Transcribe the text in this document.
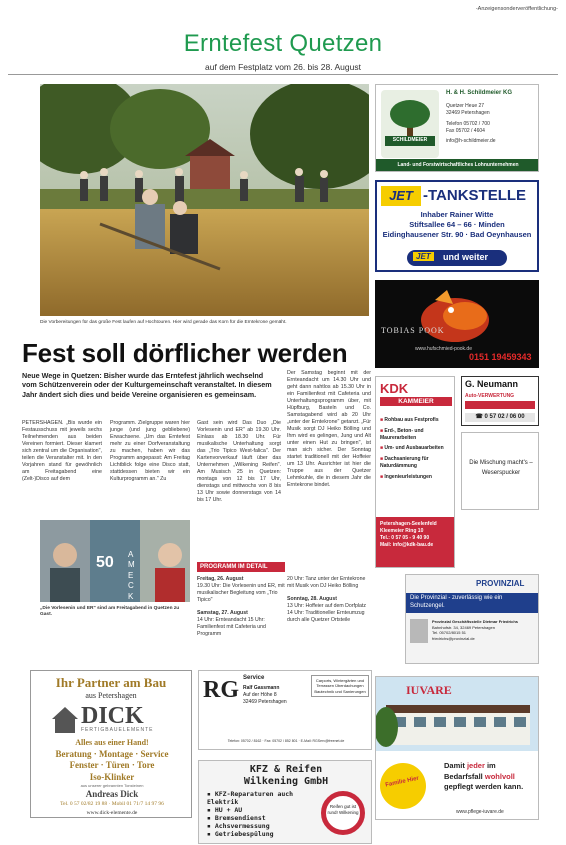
-Anzeigensonderveröffentlichung-
Erntefest Quetzen
auf dem Festplatz vom 26. bis 28. August
Die Vorbereitungen für das große Fest laufen auf Hochtouren. Hier wird gerade das Korn für die Erntekrone gemäht.
Fest soll dörflicher werden
Neue Wege in Quetzen: Bisher wurde das Erntefest jährlich wechselnd vom Schützenverein oder der Kulturgemeinschaft veranstaltet. In diesem Jahr ändert sich dies und beide Vereine organisieren es gemeinsam.
PETERSHAGEN. „Bis wurde ein Festausschuss mit jeweils sechs Teilnehmenden aus beiden Vereinen formiert. Dieser klamert sich zentral um die Organisation", teilen die Veranstalter mit. In den Vorjahren stand für gewöhnlich am Freitagabend eine (Zelt-)Disco auf dem
Programm. Zielgruppe waren hier junge (und jung gebliebene) Erwachsene. „Um das Erntefest mehr zu einer Dorfveranstaltung zu machen, haben wir das Programm angepasst: Am Freitag Lichtblick folge eine Disco statt, stattdessen bieten wir ein Kulturprogramm an." Zu
Gast sein wird Das Duo „Die Vorlesenin und ER" ab 19.30 Uhr. Einlass ab 18.30 Uhr. Für musikalische Unterhaltung sorgt das „Trio Tipico West-falica". Der Kartenvorverkauf läuft über das Unternehmen „Wilkening Reifen". Am Musisch 25 in Quetzen: montags von 12 bis 17 Uhr, dienstags und mittwochs von 8 bis 13 Uhr sowie donnerstags von 14 bis 17 Uhr.
Der Samstag beginnt mit der Ernteandacht um 14.30 Uhr und geht dann nahtlos ab 15.30 Uhr in ein Familienfest mit Cafeteria und Unterhaltungsprogramm über, mit Hüpfburg, Basteln und Co. Samstagabend wird ab 20 Uhr „unter der Erntekrone" getanzt. „Für Musik sorgt DJ Heiko Bölling und Ihm wird es gelingen, Jung und Alt unter einen Hut zu bringen", ist man sich sicher. Der Sonntag startet traditionell mit der Hoffeier um 13 Uhr. Ausrichter ist hier die Truppe aus der Quetzer Lehmkuhle, die in diesem Jahr die Erntekrone bindet.
50 AM ECK
„Die Vorlesenin und ER" sind am Freitagabend in Quetzen zu Gast.
PROGRAMM IM DETAIL
Freitag, 26. August
19.30 Uhr: Die Vorlesenin und ER, mit musikalischer Begleitung vom „Trio Tipico"
Samstag, 27. August
14 Uhr: Ernteandacht 15 Uhr: Familienfest mit Cafeteria und Programm
20 Uhr: Tanz unter der Erntekrone mit Musik von DJ Heiko Bölling
Sonntag, 28. August
13 Uhr: Hoffeier auf dem Dorfplatz 14 Uhr: Traditioneller Ernteumzug durch alle Quetzer Ortsteile
SCHILDMEIER
H. & H. Schildmeier KG
Quetzer Heue 27
32469 Petershagen
Telefon 05702 / 700
Fax 05702 / 4604
info@h-schildmeier.de
Land- und Forstwirtschaftliches Lohnunternehmen
JET -TANKSTELLE
Inhaber Rainer Witte
Stiftsallee 64 – 66 · Minden
Eidinghausener Str. 90 · Bad Oeynhausen
JET	und weiter
TOBIAS POOK
www.hufschmied-pook.de
0151 19459343
KDK
KAMMEIER
■ Rohbau aus Festprofis
■ Erd-, Beton- und Maurerarbeiten
■ Um- und Ausbauarbeiten
■ Dachsanierung für Naturdämmung
■ Ingenieurleistungen
Petershagen-Seelenfeld Kleemeier Ring 10
Tel.: 0 57 05 - 9 40 90
Mail: info@kdk-bau.de
G. Neumann
Auto-VERWERTUNG
☎ 0 57 02 / 06 00
Die Mischung macht's – Weserspucker
PROVINZIAL
Die Provinzial - zuverlässig wie ein Schutzengel.
Provinzial Geschäftsstelle Dietmar Friedrichs
Bahnhofstr. 34, 32469 Petershagen
Tel. 05702/8015 51
friedrichs@provinzial.de
Ihr Partner am Bau
aus Petershagen
DICK
FERTIGBAUELEMENTE
Alles aus einer Hand!
Beratung · Montage · Service
Fenster · Türen · Tore
Iso-Klinker
aus unserer gebrannten Tonsteinen
Andreas Dick
Tel. 0 57 02/82 19 88 · Mobil 01 71/7 14 97 96
www.dick-elemente.de
RG Service
Ralf Gassmann
Auf der Höhe 8
32469 Petershagen
Carports, Wintergärten und Terrassen Überdachungen Bautechnik und Sanierungen
Telefon: 05702 / 8162 · Fax: 05702 / 852 801 · E-Mail: RGServ@freenet.de
KFZ & Reifen
Wilkening GmbH
▪ KFZ-Reparaturen auch Elektrik
▪ HU + AU
▪ Bremsendienst
▪ Achsvermessung
▪ Getriebespülung
Reifen gut ist rund! Wilkening
IUVARE
Damit jeder im
Bedarfsfall wohlvoll
gepflegt werden kann.
Familie Hier
www.pflege-iuvare.de
